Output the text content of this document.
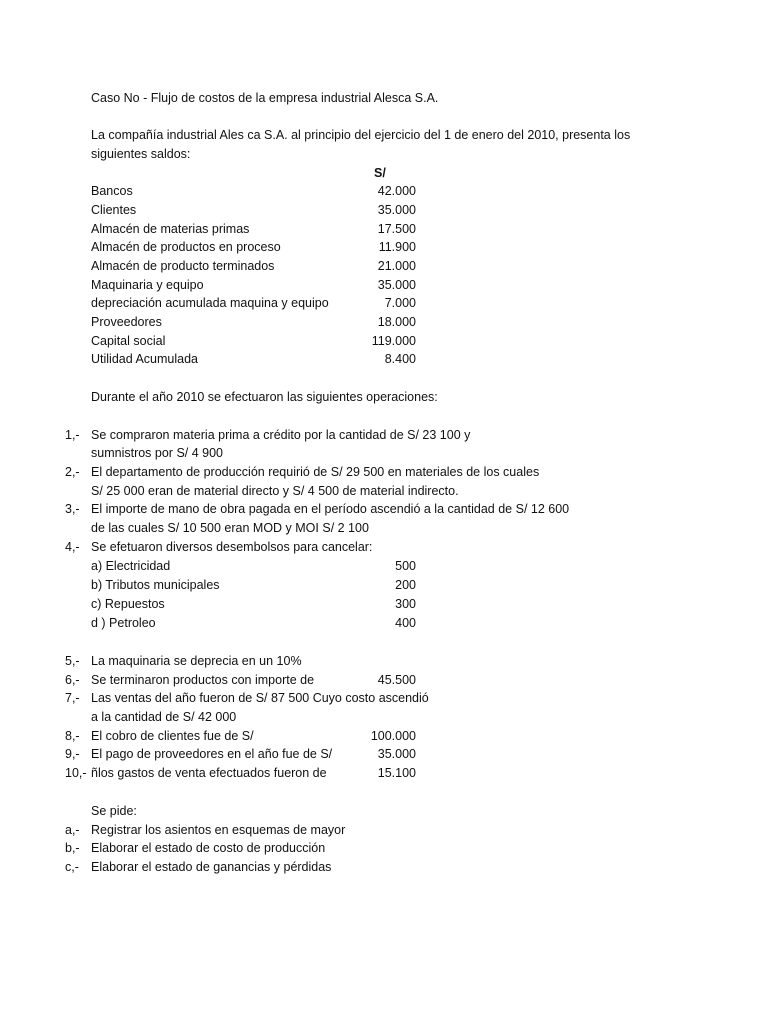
Caso No - Flujo de costos de la empresa industrial Alesca S.A.
La compañía industrial Ales ca S.A. al principio del ejercicio del 1 de enero del 2010, presenta los
siguientes saldos:
S/
Bancos	42.000
Clientes	35.000
Almacén de materias primas	17.500
Almacén de productos en proceso	11.900
Almacén de producto terminados	21.000
Maquinaria y equipo	35.000
depreciación acumulada maquina y equipo	7.000
Proveedores	18.000
Capital social	119.000
Utilidad Acumulada	8.400
Durante el año 2010 se efectuaron las siguientes operaciones:
1,- Se compraron materia prima a crédito por la cantidad de S/ 23 100 y
sumnistros por S/ 4 900
2,- El departamento de producción requirió de S/ 29 500 en materiales de los cuales
S/ 25 000 eran de material directo y S/ 4 500 de material indirecto.
3,- El importe de mano de obra pagada en el período ascendió a la cantidad de S/ 12 600
de las cuales S/ 10 500 eran MOD y MOI S/ 2 100
4,- Se efetuaron diversos desembolsos para cancelar:
a) Electricidad	500
b) Tributos municipales	200
c) Repuestos	300
d ) Petroleo	400
5,- La maquinaria se deprecia en un 10%
6,- Se terminaron productos con importe de	45.500
7,- Las ventas del año fueron de S/ 87 500 Cuyo costo ascendió
a la cantidad de S/ 42 000
8,- El cobro de clientes fue de S/	100.000
9,- El pago de proveedores en el año fue de S/	35.000
10,- ñlos gastos de venta efectuados fueron de	15.100
Se pide:
a,- Registrar los asientos en esquemas de mayor
b,- Elaborar el estado de costo de producción
c,- Elaborar el estado de ganancias y pérdidas
